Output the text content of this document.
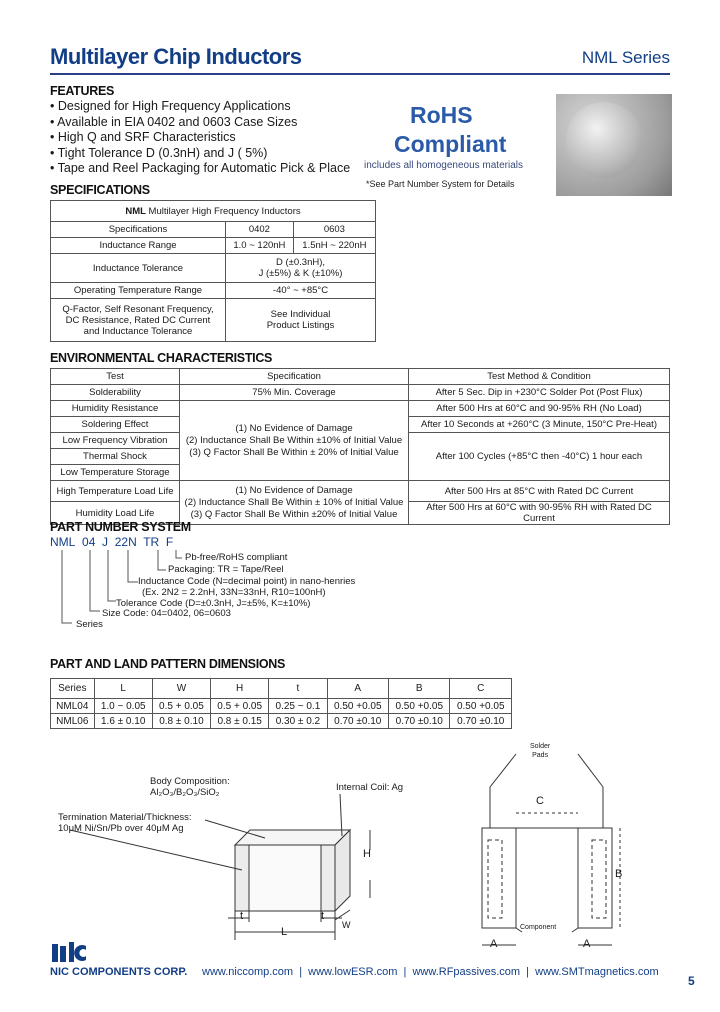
Multilayer Chip Inductors	NML Series
FEATURES
• Designed for High Frequency Applications
• Available in EIA 0402 and 0603 Case Sizes
• High Q and SRF Characteristics
• Tight Tolerance D (0.3nH) and J ( 5%)
• Tape and Reel Packaging for Automatic Pick & Place
RoHS
Compliant
includes all homogeneous materials
*See Part Number System for Details
SPECIFICATIONS
NML Multilayer High Frequency Inductors		
Specifications	0402	0603
Inductance Range	1.0 ~ 120nH	1.5nH ~ 220nH
Inductance Tolerance	D (±0.3nH),
J (±5%) & K (±10%)	
Operating Temperature Range	-40° ~ +85°C	
Q-Factor, Self Resonant Frequency,
DC Resistance, Rated DC Current
and Inductance Tolerance	See Individual
Product Listings	
ENVIRONMENTAL CHARACTERISTICS
Test	Specification	Test Method & Condition
Solderability	75% Min. Coverage	After 5 Sec. Dip in +230°C Solder Pot (Post Flux)
Humidity Resistance	(1) No Evidence of Damage
(2) Inductance Shall Be Within ±10% of Initial Value
(3) Q Factor Shall Be Within ± 20% of Initial Value	After 500 Hrs at 60°C and 90-95% RH (No Load)
Soldering Effect		After 10 Seconds at +260°C (3 Minute, 150°C Pre-Heat)
Low Frequency Vibration		After 100 Cycles (+85°C then -40°C) 1 hour each
Thermal Shock		
Low Temperature Storage		
High Temperature Load Life	(1) No Evidence of Damage
(2) Inductance Shall Be Within ± 10% of Initial Value
(3) Q Factor Shall Be Within ±20% of Initial Value	After 500 Hrs at 85°C with Rated DC Current
Humidity Load Life		After 500 Hrs at 60°C with 90-95% RH with Rated DC Current
PART NUMBER SYSTEM
NML 04 J 22N TR F
Pb-free/RoHS compliant
Packaging: TR = Tape/Reel
Inductance Code (N=decimal point) in nano-henries
(Ex. 2N2 = 2.2nH, 33N=33nH, R10=100nH)
Tolerance Code (D=±0.3nH, J=±5%, K=±10%)
Size Code: 04=0402, 06=0603
Series
PART AND LAND PATTERN DIMENSIONS
Series	L	W	H	t	A	B	C
NML04	1.0 ~ 0.05	0.5 + 0.05	0.5 + 0.05	0.25 ~ 0.1	0.50 +0.05	0.50 +0.05	0.50 +0.05
NML06	1.6 ± 0.10	0.8 ± 0.10	0.8 ± 0.15	0.30 ± 0.2	0.70 ±0.10	0.70 ±0.10	0.70 ±0.10
Body Composition:
Al₂O₃/B₂O₃/SiO₂	Internal Coil: Ag
Termination Material/Thickness:
10μM Ni/Sn/Pb over 40μM Ag
H
t	t
L
W
Solder
Pads
C
B
Component
A	A
NIC COMPONENTS CORP. www.niccomp.com  |  www.lowESR.com  |  www.RFpassives.com  |  www.SMTmagnetics.com
5
